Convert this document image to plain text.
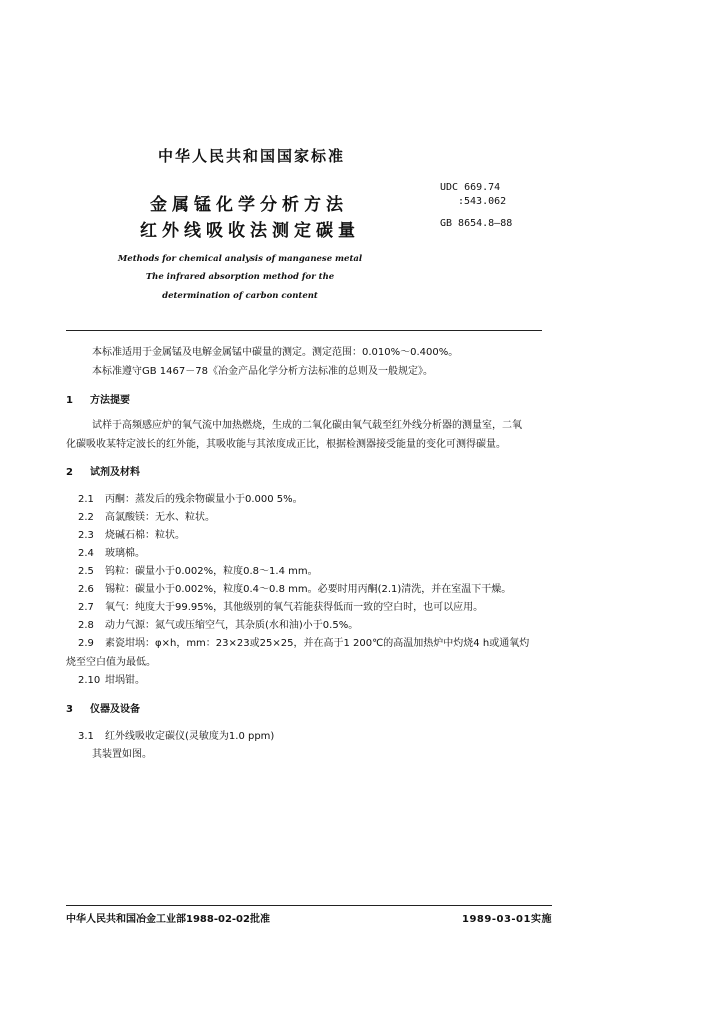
中华人民共和国国家标准
金属锰化学分析方法
红外线吸收法测定碳量
UDC 669.74
:543.062
GB 8654.8—88
Methods for chemical analysis of manganese metal
The infrared absorption method for the
determination of carbon content
本标准适用于金属锰及电解金属锰中碳量的测定。测定范围：0.010%～0.400%。
本标准遵守GB 1467－78《冶金产品化学分析方法标准的总则及一般规定》。
1 方法提要
试样于高频感应炉的氧气流中加热燃烧，生成的二氧化碳由氧气载至红外线分析器的测量室，二氧
化碳吸收某特定波长的红外能，其吸收能与其浓度成正比，根据检测器接受能量的变化可测得碳量。
2 试剂及材料
2.1 丙酮：蒸发后的残余物碳量小于0.000 5%。
2.2 高氯酸镁：无水、粒状。
2.3 烧碱石棉：粒状。
2.4 玻璃棉。
2.5 钨粒：碳量小于0.002%，粒度0.8～1.4 mm。
2.6 锡粒：碳量小于0.002%，粒度0.4～0.8 mm。必要时用丙酮(2.1)清洗，并在室温下干燥。
2.7 氧气：纯度大于99.95%，其他级别的氧气若能获得低而一致的空白时，也可以应用。
2.8 动力气源：氮气或压缩空气，其杂质(水和油)小于0.5%。
2.9 素瓷坩埚：φ×h，mm：23×23或25×25，并在高于1 200℃的高温加热炉中灼烧4 h或通氧灼
烧至空白值为最低。
2.10 坩埚钳。
3 仪器及设备
3.1 红外线吸收定碳仪(灵敏度为1.0 ppm)
其装置如图。
中华人民共和国冶金工业部1988-02-02批准	1989-03-01实施
